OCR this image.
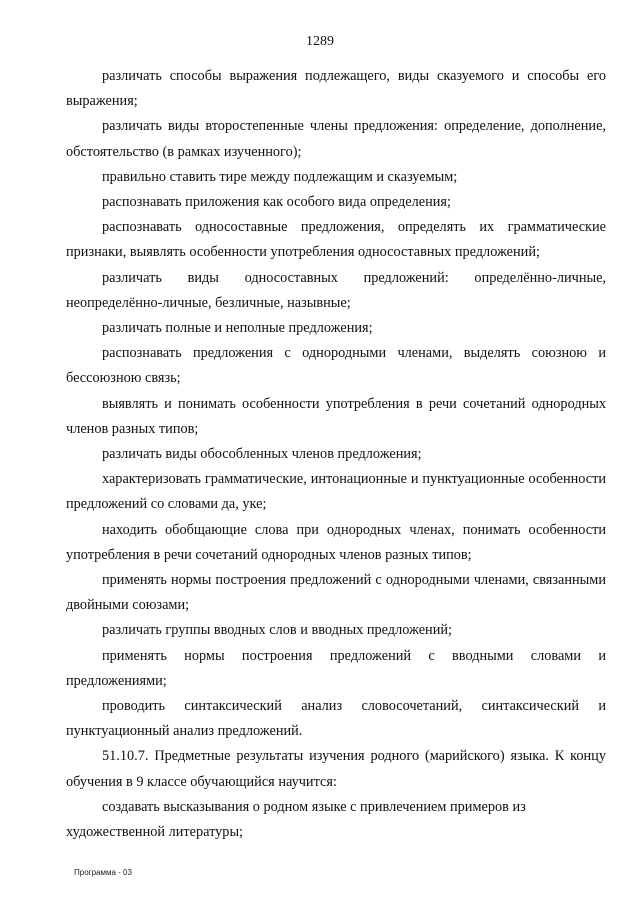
1289

различать способы выражения подлежащего, виды сказуемого и способы его выражения;

различать виды второстепенные члены предложения: определение, дополнение, обстоятельство (в рамках изученного);

правильно ставить тире между подлежащим и сказуемым;

распознавать приложения как особого вида определения;

распознавать односоставные предложения, определять их грамматические признаки, выявлять особенности употребления односоставных предложений;

различать виды односоставных предложений: определённо-личные, неопределённо-личные, безличные, назывные;

различать полные и неполные предложения;

распознавать предложения с однородными членами, выделять союзною и бессоюзною связь;

выявлять и понимать особенности употребления в речи сочетаний однородных членов разных типов;

различать виды обособленных членов предложения;

характеризовать грамматические, интонационные и пунктуационные особенности предложений со словами да, уке;

находить обобщающие слова при однородных членах, понимать особенности употребления в речи сочетаний однородных членов разных типов;

применять нормы построения предложений с однородными членами, связанными двойными союзами;

различать группы вводных слов и вводных предложений;

применять нормы построения предложений с вводными словами и предложениями;

проводить синтаксический анализ словосочетаний, синтаксический и пунктуационный анализ предложений.

51.10.7. Предметные результаты изучения родного (марийского) языка. К концу обучения в 9 классе обучающийся научится:

создавать высказывания о родном языке с привлечением примеров из художественной литературы;

Программа - 03
